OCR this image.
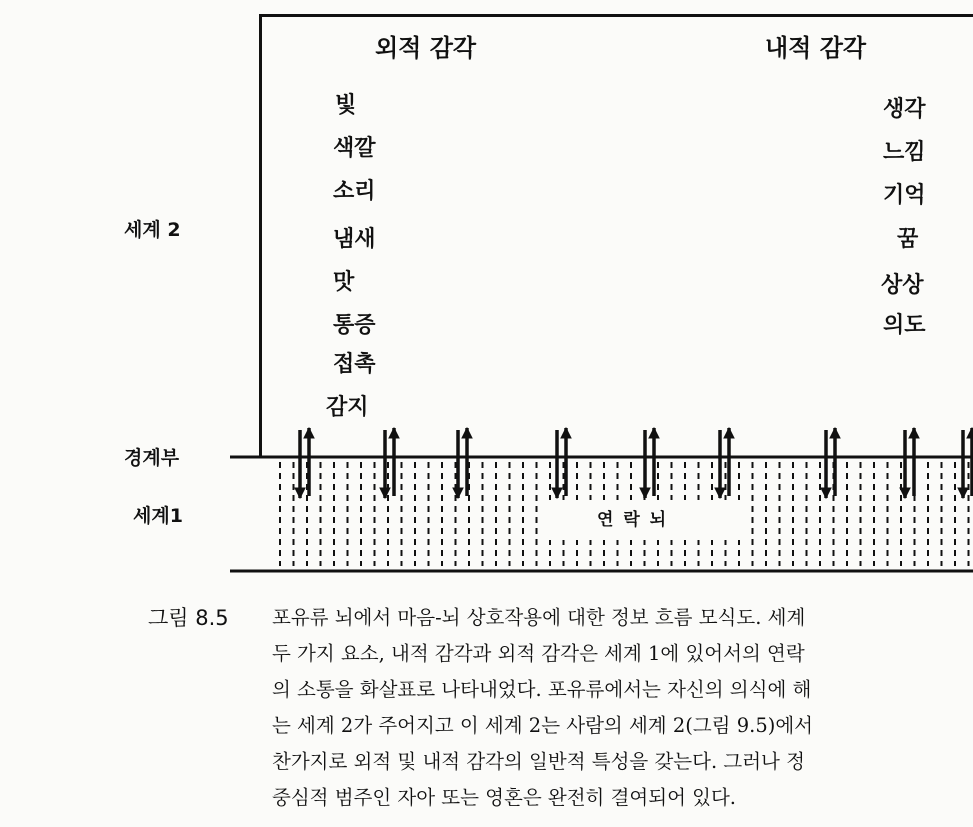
외적 감각	내적 감각
빛
색깔
소리
냄새
맛
통증
접촉
감지
생각
느낌
기억
꿈
상상
의도
세계 2
경계부
세계1	연 락 뇌
그림 8.5 포유류 뇌에서 마음-뇌 상호작용에 대한 정보 흐름 모식도. 세계
두 가지 요소, 내적 감각과 외적 감각은 세계 1에 있어서의 연락
의 소통을 화살표로 나타내었다. 포유류에서는 자신의 의식에 해
는 세계 2가 주어지고 이 세계 2는 사람의 세계 2(그림 9.5)에서
찬가지로 외적 및 내적 감각의 일반적 특성을 갖는다. 그러나 정
중심적 범주인 자아 또는 영혼은 완전히 결여되어 있다.
